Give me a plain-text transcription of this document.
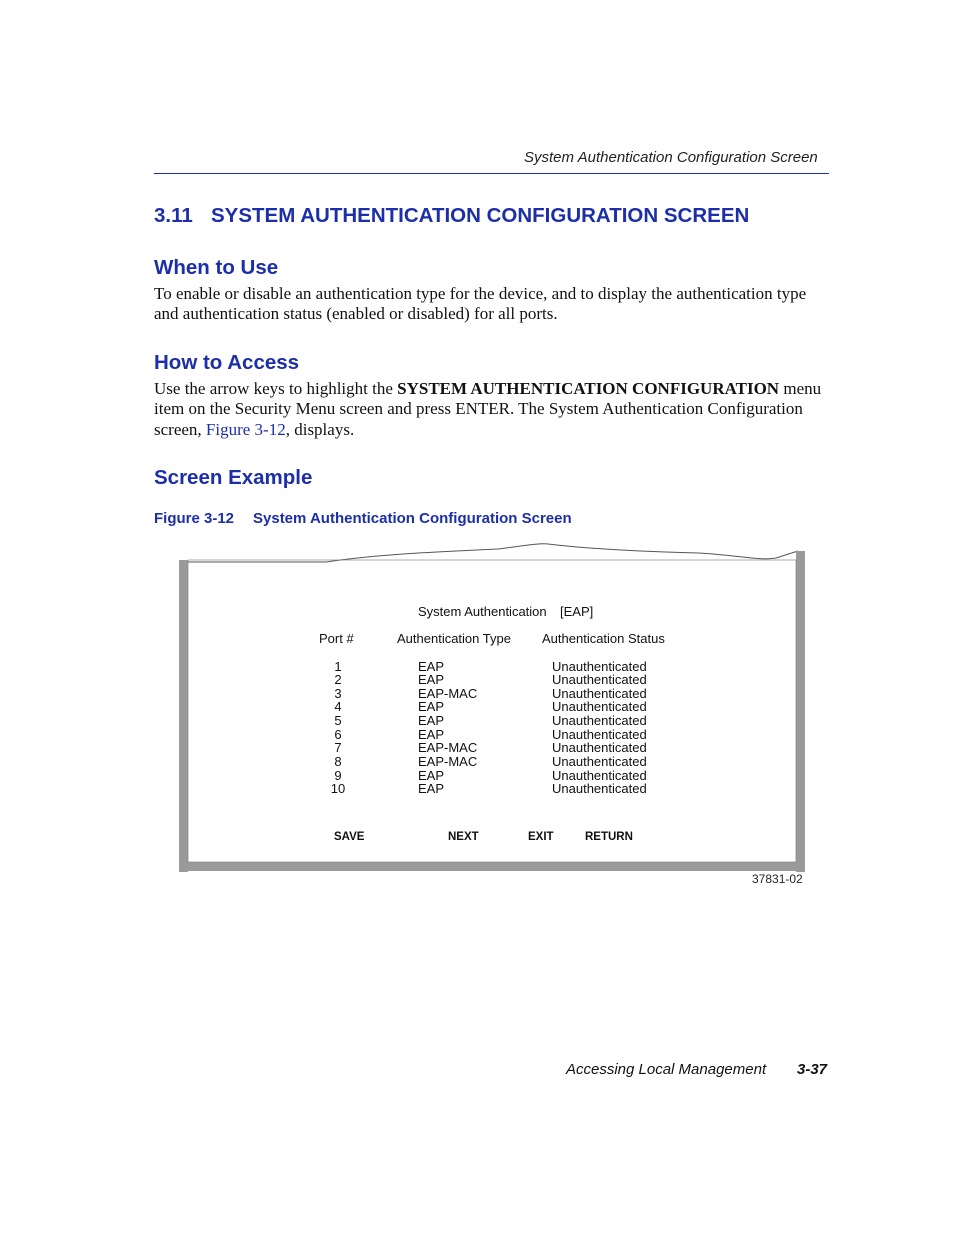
System Authentication Configuration Screen
3.11 SYSTEM AUTHENTICATION CONFIGURATION SCREEN
When to Use
To enable or disable an authentication type for the device, and to display the authentication type
and authentication status (enabled or disabled) for all ports.
How to Access
Use the arrow keys to highlight the SYSTEM AUTHENTICATION CONFIGURATION menu
item on the Security Menu screen and press ENTER. The System Authentication Configuration
screen, Figure 3-12, displays.
Screen Example
Figure 3-12 System Authentication Configuration Screen
System Authentication [EAP]
Port #	Authentication Type Authentication Status
1	EAP	Unauthenticated
2	EAP	Unauthenticated
3	EAP-MAC	Unauthenticated
4	EAP	Unauthenticated
5	EAP	Unauthenticated
6	EAP	Unauthenticated
7	EAP-MAC	Unauthenticated
8	EAP-MAC	Unauthenticated
9	EAP	Unauthenticated
10	EAP	Unauthenticated
SAVE	NEXT	EXIT	RETURN
37831-02
Accessing Local Management 3-37
